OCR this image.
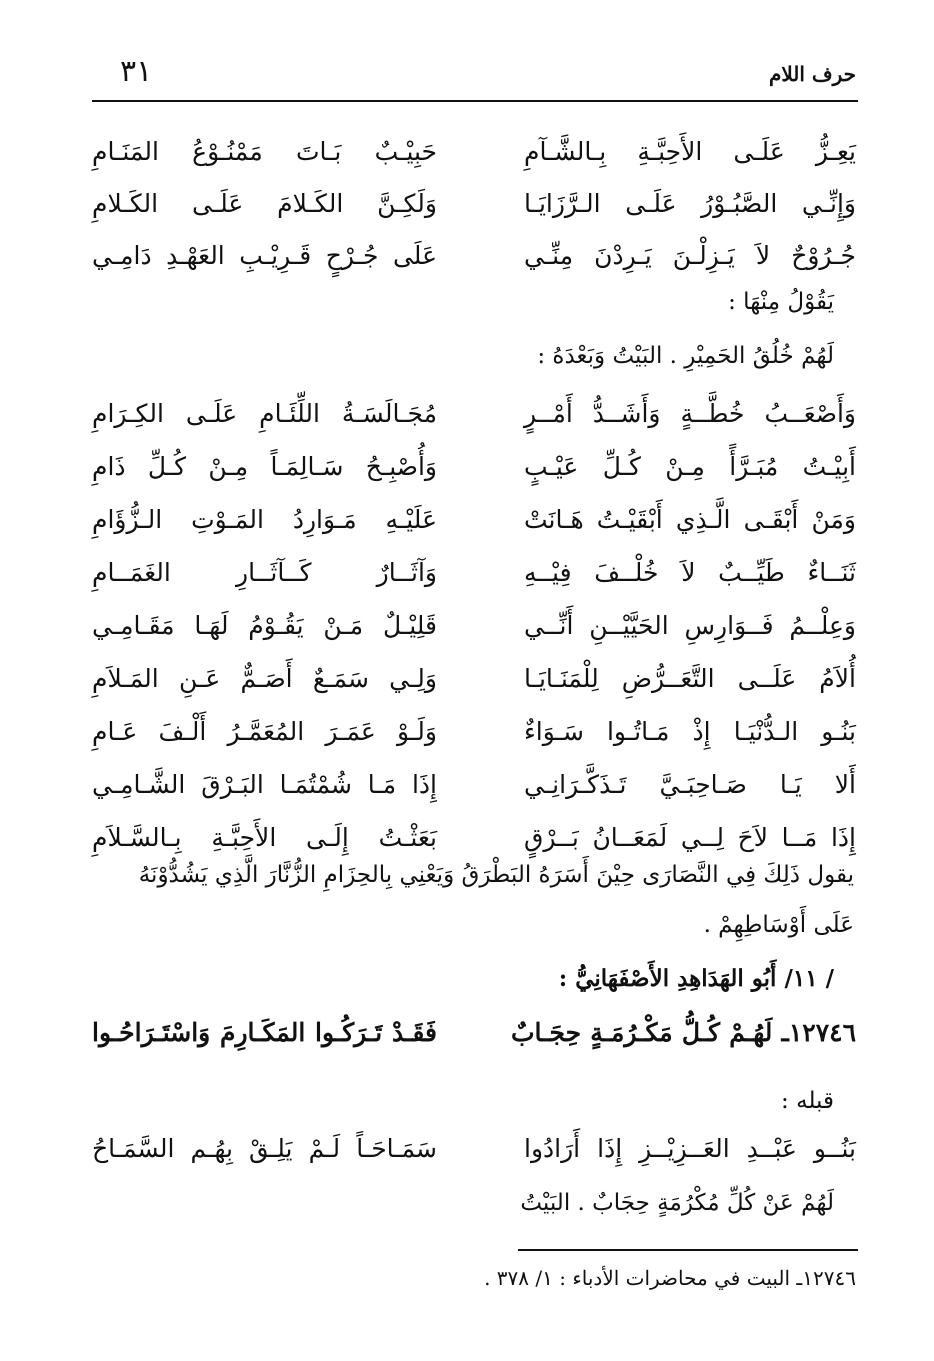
٣١	حرف اللام
يَعِـزُّ عَلَـى الأَحِبَّـةِ بِـالشَّـآمِ
حَبِيْـبٌ بَـاتَ مَمْنُـوْعُ المَنَـامِ
وَإِنِّـي الصَّبُـوْرُ عَلَـى الـرَّزَايَـا
وَلَكِـنَّ الكَـلامَ عَلَـى الكَـلامِ
جُـرُوْحٌ لاَ يَـزِلْـنَ يَـرِدْنَ مِنِّـي
عَلَى جُـرْحٍ قَـرِيْـبِ العَهْـدِ دَامِـي
يَقُوْلُ مِنْهَا :
لَهُمْ خُلُقُ الحَمِيْرِ . البَيْتُ وَبَعْدَهُ :
وَأَصْعَــبُ خُطَّــةٍ وَأَشَــدُّ أَمْــرٍ
مُجَـالَسَـةُ اللِّئَـامِ عَلَـى الكِـرَامِ
أَبِيْـتُ مُبَـرَّأً مِـنْ كُـلِّ عَيْـبٍ
وَأُصْبِـحُ سَـالِمَـاً مِـنْ كُـلِّ ذَامِ
وَمَنْ أَبْقَـى الَّـذِي أَبْقَيْـتُ هَـانَتْ
عَلَيْـهِ مَـوَارِدُ المَـوْتِ الـزُّؤَامِ
ثَنَــاءٌ طَيِّــبٌ لاَ خُلْــفَ فِيْــهِ
وَآثَــارٌ كَــآثَــارِ الغَمَــامِ
وَعِلْــمُ فَــوَارِسِ الحَيَّيْــنِ أَنِّــي
قَلِيْـلٌ مَـنْ يَقُـوْمُ لَهَـا مَقَـامِـي
أُلاَمُ عَلَــى التَّعَــرُّضِ لِلْمَنَـايَـا
وَلِـي سَمَـعٌ أَصَـمٌّ عَـنِ المَـلاَمِ
بَنُـو الـدُّنْيَـا إِذْ مَـاتُـوا سَـوَاءٌ
وَلَـوْ عَمَـرَ المُعَمَّـرُ أَلْـفَ عَـامِ
أَلا يَـا صَـاحِبَـيَّ تَـذَكَّـرَانِـي
إِذَا مَـا شُمْتُمَـا البَـرْقَ الشَّـامِـي
إِذَا مَــا لاَحَ لِــي لَمَعَــانُ بَــرْقٍ
بَعَثْـتُ إِلَـى الأَحِبَّـةِ بِـالسَّـلاَمِ
يقول ذَلِكَ فِي النَّصَارَى حِيْنَ أَسَرَهُ البَطْرَقُ وَيَعْنِي بِالحِزَامِ الزُّنَّارَ الَّذِي يَشُدُّوْنَهُ
عَلَى أَوْسَاطِهِمْ .
/ ١١/ أَبُو الهَدَاهِدِ الأَصْفَهَانِيُّ :
١٢٧٤٦ـ لَهُـمْ كُـلُّ مَكْـرُمَـةٍ حِجَـابٌ
فَقَـدْ تَـرَكُـوا المَكَـارِمَ وَاسْتَـرَاحُـوا
قبله :
بَنُــو عَبْــدِ العَــزِيْــزِ إِذَا أَرَادُوا
سَمَـاحَـاً لَـمْ يَلِـقْ بِهُـم السَّمَـاحُ
لَهُمْ عَنْ كُلِّ مُكْرُمَةٍ حِجَابٌ . البَيْتُ
١٢٧٤٦ـ البيت في محاضرات الأدباء : ١/ ٣٧٨ .
